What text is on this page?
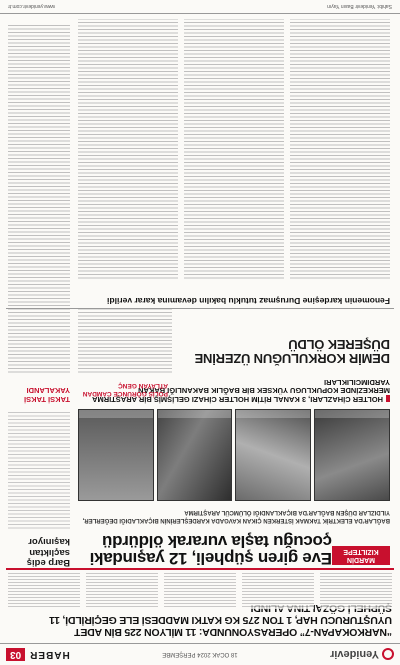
Yenidevir
18 OCAK 2024 PERŞEMBE
HABER
03
“NARKOKAPAN-7” OPERASYONUNDA: 11 MİLYON 225 BİN ADET UYUŞTURUCU HAP, 1 TON 275 KG KATKI MADDESİ ELE GEÇİRİLDİ, 11 GÖZALTINA
MARDİN
KIZILTEPE
Eve giren şüpheli, 12 yaşındaki çocuğu taşla vurarak öldürdü
Barp ediş saçlıktan kaşınıyor
BAĞLAR’DA ELEKTRİK TAKMAK İSTERKEN ÇIKAN KAVGADA KARDEŞLERİNİN BIÇAKLADIĞI DEĞERLER, YILDIZLAR DÜŞEN BAĞLAR’DA BIÇAKLANDIĞI ÖLÜMCÜL ARAŞTIRMA
HOLTER CİHAZLARI, 3 KANAL RİTİM HOLTER CİHAZI GELİŞMİŞ BİR ARAŞTIRMA MERKEZİNDE KOPUKLUGU YÜKSEK BİR BAĞLIK BAKANLIĞI BAKAN YARDIMCILIKLARI
POLİS GÖRÜNCE CAMDAN ATLAYAN GENÇ
TAKSİ TAKSİ YAKALANDI
DEMİR KORKULUĞUN ÜZERİNE DÜŞEREK ÖLDÜ
Fenomenin kardeşine Duruşmaz tutuklu bakılın devamına karar verildi
Sahibi: Yenidevir Basın Yayın
www.yenidevir.com.tr
